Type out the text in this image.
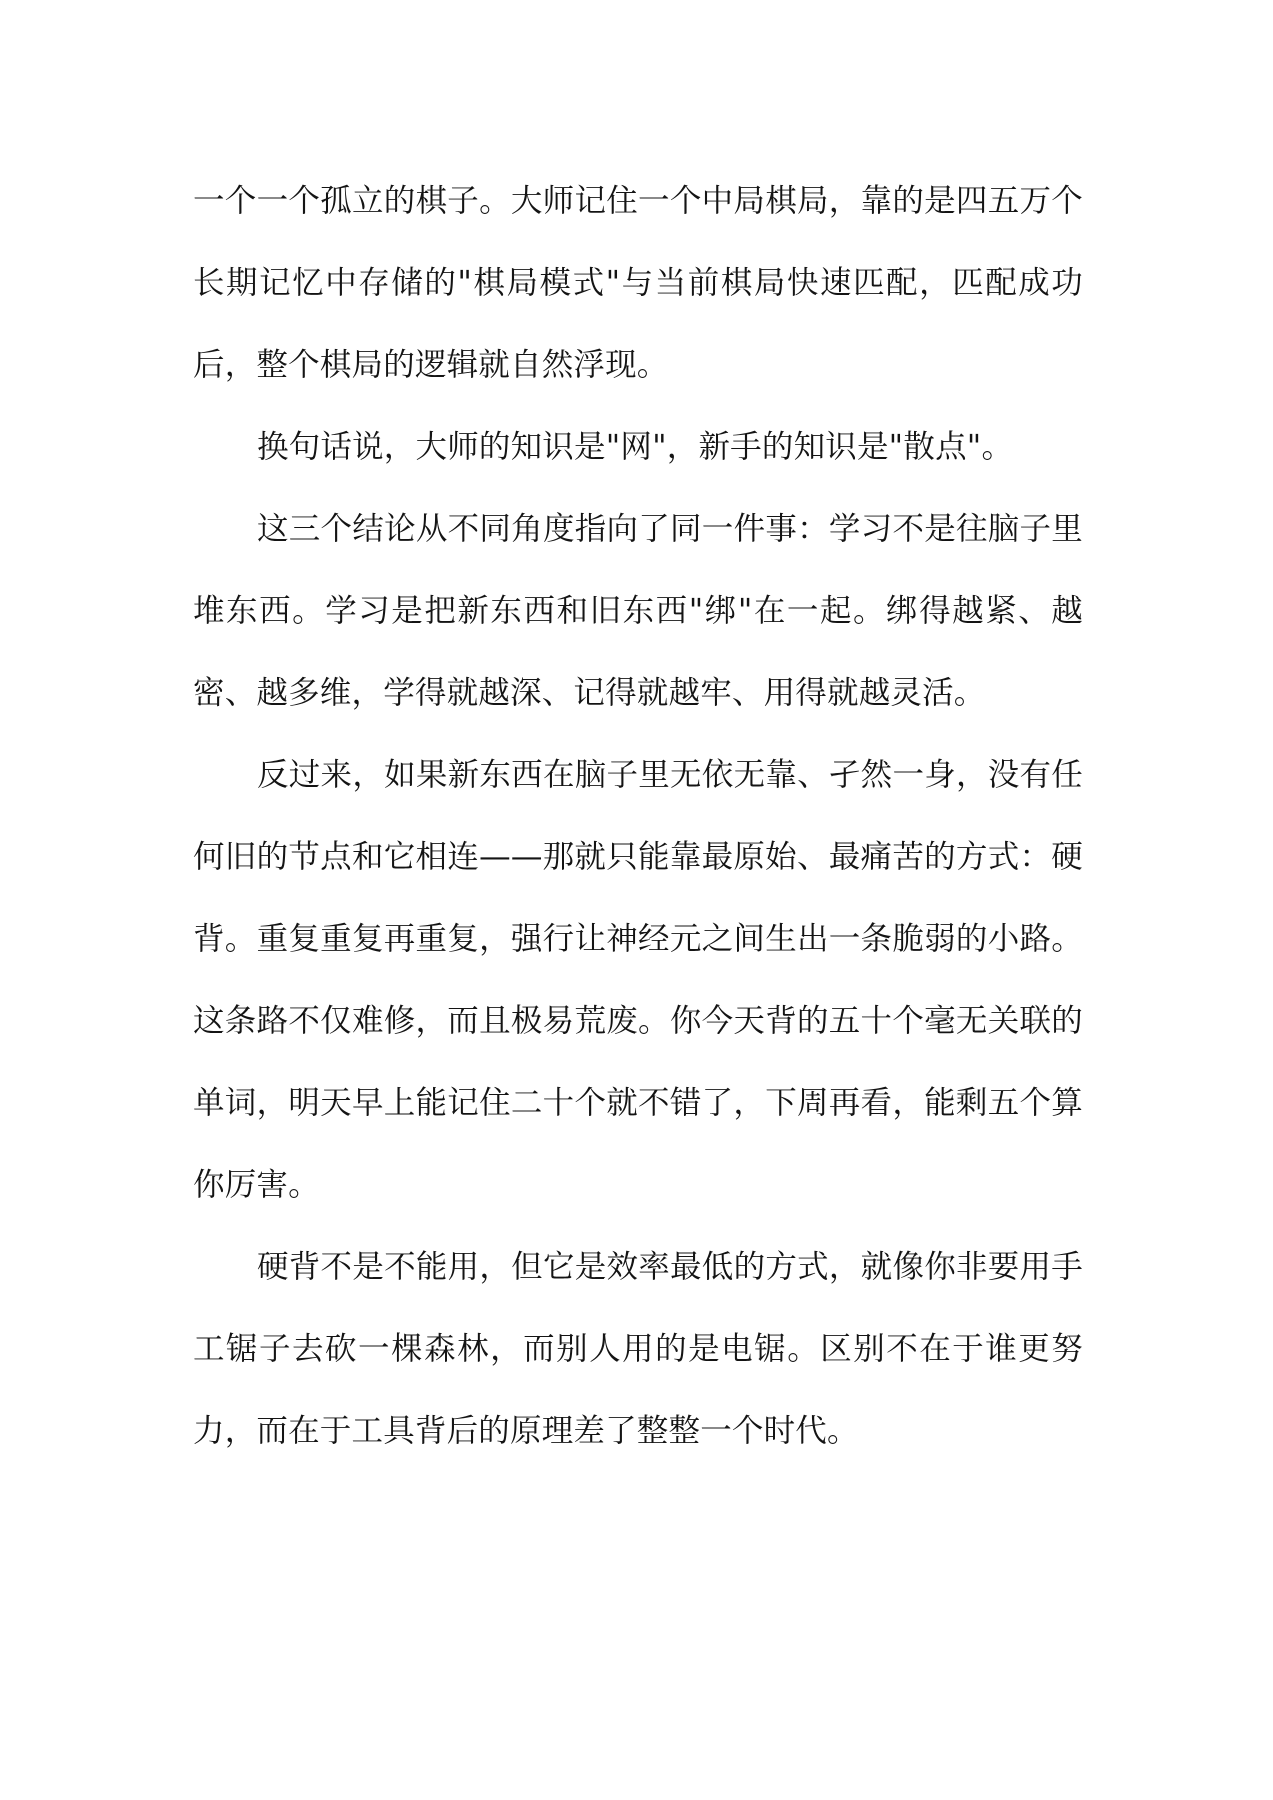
一个一个孤立的棋子。大师记住一个中局棋局，靠的是四五万个长期记忆中存储的"棋局模式"与当前棋局快速匹配，匹配成功后，整个棋局的逻辑就自然浮现。

换句话说，大师的知识是"网"，新手的知识是"散点"。

这三个结论从不同角度指向了同一件事：学习不是往脑子里堆东西。学习是把新东西和旧东西"绑"在一起。绑得越紧、越密、越多维，学得就越深、记得就越牢、用得就越灵活。

反过来，如果新东西在脑子里无依无靠、孑然一身，没有任何旧的节点和它相连——那就只能靠最原始、最痛苦的方式：硬背。重复重复再重复，强行让神经元之间生出一条脆弱的小路。这条路不仅难修，而且极易荒废。你今天背的五十个毫无关联的单词，明天早上能记住二十个就不错了，下周再看，能剩五个算你厉害。

硬背不是不能用，但它是效率最低的方式，就像你非要用手工锯子去砍一棵森林，而别人用的是电锯。区别不在于谁更努力，而在于工具背后的原理差了整整一个时代。
